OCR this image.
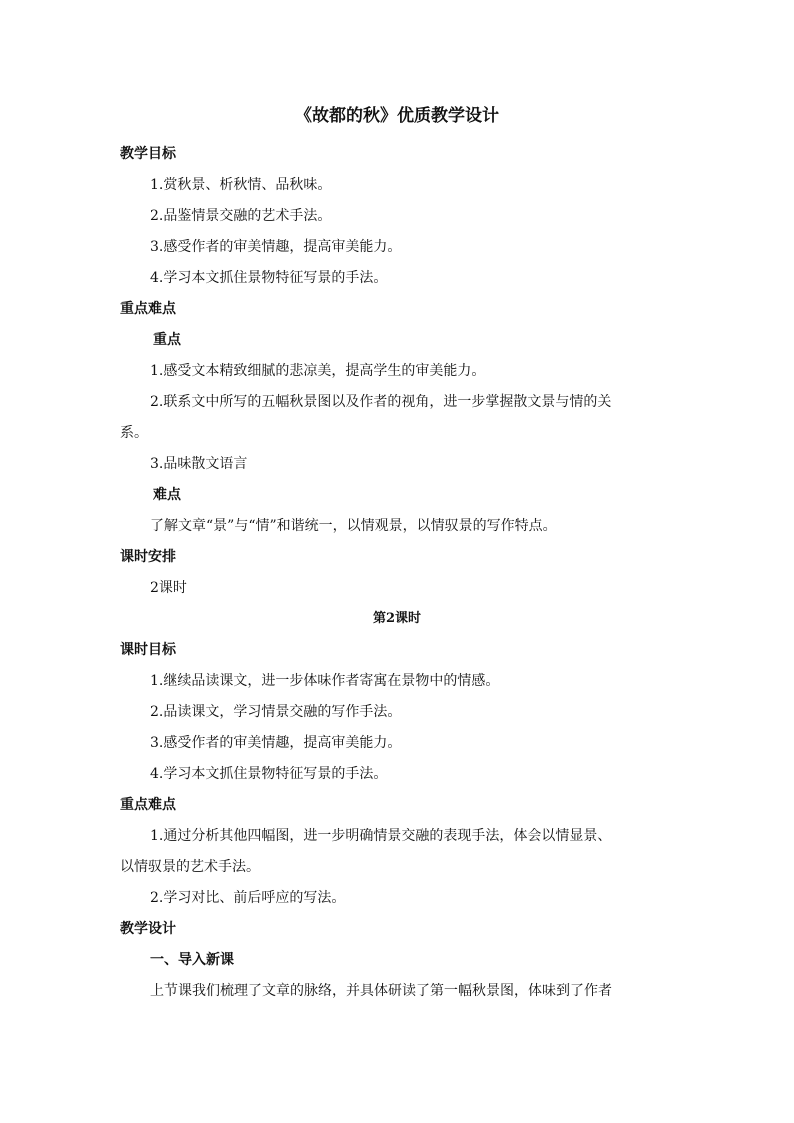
《故都的秋》优质教学设计
教学目标
1.赏秋景、析秋情、品秋味。
2.品鉴情景交融的艺术手法。
3.感受作者的审美情趣，提高审美能力。
4.学习本文抓住景物特征写景的手法。
重点难点
重点
1.感受文本精致细腻的悲凉美，提高学生的审美能力。
2.联系文中所写的五幅秋景图以及作者的视角，进一步掌握散文景与情的关
系。
3.品味散文语言
难点
了解文章“景”与“情”和谐统一，以情观景，以情驭景的写作特点。
课时安排
2课时
第2课时
课时目标
1.继续品读课文，进一步体味作者寄寓在景物中的情感。
2.品读课文，学习情景交融的写作手法。
3.感受作者的审美情趣，提高审美能力。
4.学习本文抓住景物特征写景的手法。
重点难点
1.通过分析其他四幅图，进一步明确情景交融的表现手法，体会以情显景、
以情驭景的艺术手法。
2.学习对比、前后呼应的写法。
教学设计
一、导入新课
上节课我们梳理了文章的脉络，并具体研读了第一幅秋景图，体味到了作者
